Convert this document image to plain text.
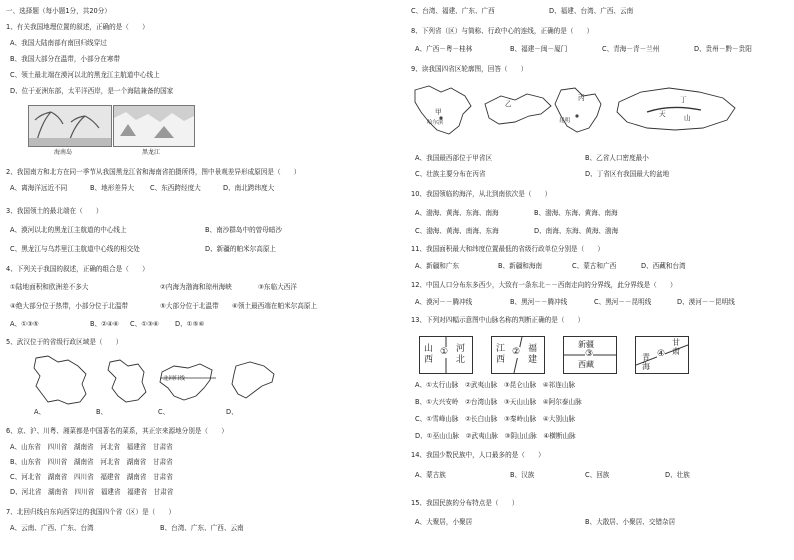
一、选择题（每小题1分，共20分）
1、有关我国地理位置的叙述，正确的是（　　）
A、我国大陆南部有南回归线穿过
B、我国大部分在温带，小部分在寒带
C、领土最北端在漠河以北的黑龙江主航道中心线上
D、位于亚洲东部，太平洋西岸，是一个海陆兼备的国家
海南岛	黑龙江
2、我国南方和北方在同一季节从我国黑龙江省和海南省拍摄所得，图中景观差异形成原因是（　　）
A、离海洋远近不同	B、地形差异大 C、东西跨经度大	D、南北跨纬度大
3、我国领土的最北端在（　　）
A、漠河以北的黑龙江主航道的中心线上	B、南沙群岛中的曾母暗沙
C、黑龙江与乌苏里江主航道中心线的相交处	D、新疆的帕米尔高原上
4、下列关于我国的叙述，正确的组合是（　　）
①陆地面积和欧洲差不多大	②内海为渤海和琼州海峡	③东临大西洋
④绝大部分位于热带，小部分位于北温带	⑤大部分位于北温带 ⑥领土最西端在帕米尔高原上
A、①③⑤	B、②④⑥ C、①③⑥ D、①⑤⑥
5、武汉位于的省级行政区域是（　　）
北回归线
A、	B、	C、	D、
6、京、沪、川粤、湘菜都是中国著名的菜系，其正宗来源地分别是（　　）
A、山东省　 四川省　 湖南省　 河北省　 福建省　 甘肃省
B、山东省　 四川省　 湖南省　 河北省　 湖南省　 甘肃省
C、河北省　 湖南省　 四川省　 福建省　 湖南省　 甘肃省
D、河北省　 湖南省　 四川省　 福建省　 福建省　 甘肃省
7、北回归线自东向西穿过的我国四个省（区）是（　　）
A、云南、广西、广东、台湾	B、台湾、广东、广西、云南
C、台湾、福建、广东、广西	D、福建、台湾、广西、云南
8、下列省（区）与简称、行政中心的连线，正确的是（　　）
A、广西－粤－桂林	B、福建－闽－厦门	C、青海－青－兰州	D、贵州－黔－贵阳
9、读我国四省区轮廓图，回答（　　）
甲
哈尔滨
乙
丙
昆明
丁
天	山
A、我国最西部位于甲省区	B、乙省人口密度最小
C、壮族主要分布在丙省	D、丁省区有我国最大的盆地
10、我国领临的海洋，从北到南依次是（　　）
A、渤海、黄海、东海、南海	B、渤海、东海、黄海、南海
C、渤海、黄海、南海、东海	D、南海、东海、黄海、渤海
11、我国面积最大和纬度位置最低的省级行政单位分别是（　　）
A、新疆和广东	B、新疆和海南	C、蒙古和广西	D、西藏和台湾
12、中国人口分布东多西少，大致有一条东北－－西南走向的分界线，此分界线是（　　）
A、漠河－－腾冲线	B、黑河－－腾冲线	C、黑河－－昆明线	D、漠河－－昆明线
13、下列对四幅示意图中山脉名称的判断正确的是（　　）
山
西
① 河
北
江
西
② 福
建
新疆
③
西藏
甘
肃
④
青
海
A、①太行山脉　 ②武夷山脉　 ③昆仑山脉　 ④祁连山脉
B、①大兴安岭　 ②台湾山脉　 ③天山山脉　 ④阿尔泰山脉
C、①雪峰山脉　 ②长白山脉　 ③秦岭山脉　 ④大别山脉
D、①巫山山脉　 ②武夷山脉　 ③阴山山脉　 ④横断山脉
14、我国少数民族中，人口最多的是（　　）
A、蒙古族	B、汉族	C、回族	D、壮族
15、我国民族的分布特点是（　　）
A、大聚居，小聚居	B、大散居、小聚居、交错杂居
